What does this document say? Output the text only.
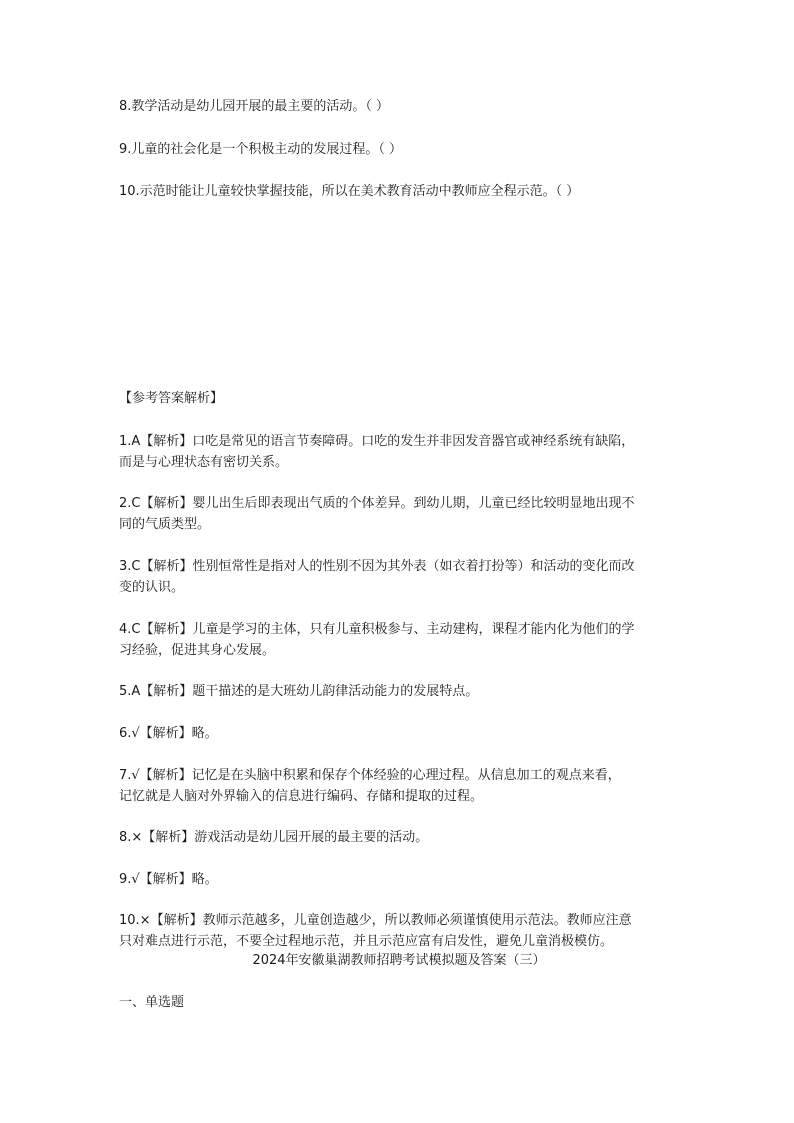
8.教学活动是幼儿园开展的最主要的活动。（ ）

9.儿童的社会化是一个积极主动的发展过程。（ ）

10.示范时能让儿童较快掌握技能，所以在美术教育活动中教师应全程示范。（ ）

【参考答案解析】

1.A【解析】口吃是常见的语言节奏障碍。口吃的发生并非因发音器官或神经系统有缺陷，
而是与心理状态有密切关系。

2.C【解析】婴儿出生后即表现出气质的个体差异。到幼儿期，儿童已经比较明显地出现不
同的气质类型。

3.C【解析】性别恒常性是指对人的性别不因为其外表（如衣着打扮等）和活动的变化而改
变的认识。

4.C【解析】儿童是学习的主体，只有儿童积极参与、主动建构，课程才能内化为他们的学
习经验，促进其身心发展。

5.A【解析】题干描述的是大班幼儿韵律活动能力的发展特点。

6.√【解析】略。

7.√【解析】记忆是在头脑中积累和保存个体经验的心理过程。从信息加工的观点来看，
记忆就是人脑对外界输入的信息进行编码、存储和提取的过程。

8.×【解析】游戏活动是幼儿园开展的最主要的活动。

9.√【解析】略。

10.×【解析】教师示范越多，儿童创造越少，所以教师必须谨慎使用示范法。教师应注意
只对难点进行示范，不要全过程地示范，并且示范应富有启发性，避免儿童消极模仿。

2024年安徽巢湖教师招聘考试模拟题及答案（三）

一、单选题
